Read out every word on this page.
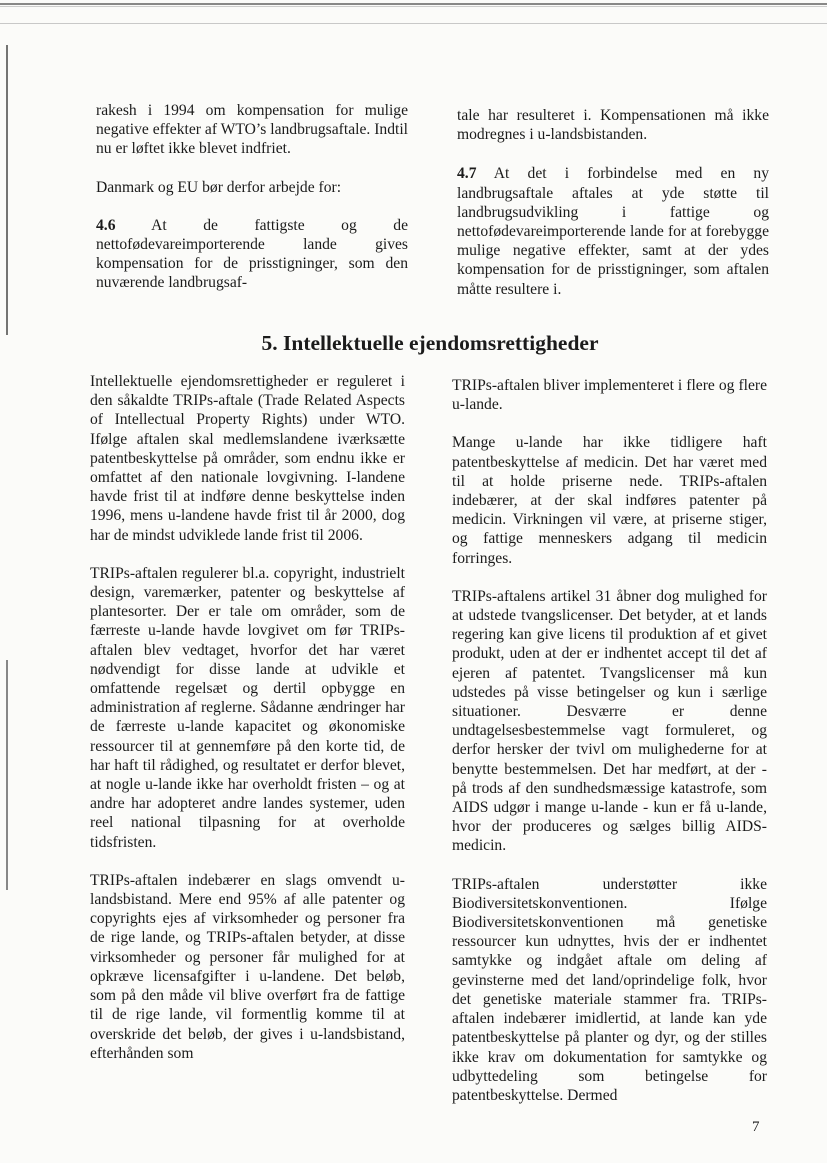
rakesh i 1994 om kompensation for mulige negative effekter af WTO’s landbrugsaftale. Indtil nu er løftet ikke blevet indfriet.

Danmark og EU bør derfor arbejde for:

4.6 At de fattigste og de nettofødevareimporterende lande gives kompensation for de prisstigninger, som den nuværende landbrugsaf-

tale har resulteret i. Kompensationen må ikke modregnes i u-landsbistanden.

4.7 At det i forbindelse med en ny landbrugsaftale aftales at yde støtte til landbrugsudvikling i fattige og nettofødevareimporterende lande for at forebygge mulige negative effekter, samt at der ydes kompensation for de prisstigninger, som aftalen måtte resultere i.

5. Intellektuelle ejendomsrettigheder

Intellektuelle ejendomsrettigheder er reguleret i den såkaldte TRIPs-aftale (Trade Related Aspects of Intellectual Property Rights) under WTO. Ifølge aftalen skal medlemslandene iværksætte patentbeskyttelse på områder, som endnu ikke er omfattet af den nationale lovgivning. I-landene havde frist til at indføre denne beskyttelse inden 1996, mens u-landene havde frist til år 2000, dog har de mindst udviklede lande frist til 2006.

TRIPs-aftalen regulerer bl.a. copyright, industrielt design, varemærker, patenter og beskyttelse af plantesorter. Der er tale om områder, som de færreste u-lande havde lovgivet om før TRIPs-aftalen blev vedtaget, hvorfor det har været nødvendigt for disse lande at udvikle et omfattende regelsæt og dertil opbygge en administration af reglerne. Sådanne ændringer har de færreste u-lande kapacitet og økonomiske ressourcer til at gennemføre på den korte tid, de har haft til rådighed, og resultatet er derfor blevet, at nogle u-lande ikke har overholdt fristen – og at andre har adopteret andre landes systemer, uden reel national tilpasning for at overholde tidsfristen.

TRIPs-aftalen indebærer en slags omvendt u-landsbistand. Mere end 95% af alle patenter og copyrights ejes af virksomheder og personer fra de rige lande, og TRIPs-aftalen betyder, at disse virksomheder og personer får mulighed for at opkræve licensafgifter i u-landene. Det beløb, som på den måde vil blive overført fra de fattige til de rige lande, vil formentlig komme til at overskride det beløb, der gives i u-landsbistand, efterhånden som

TRIPs-aftalen bliver implementeret i flere og flere u-lande.

Mange u-lande har ikke tidligere haft patentbeskyttelse af medicin. Det har været med til at holde priserne nede. TRIPs-aftalen indebærer, at der skal indføres patenter på medicin. Virkningen vil være, at priserne stiger, og fattige menneskers adgang til medicin forringes.

TRIPs-aftalens artikel 31 åbner dog mulighed for at udstede tvangslicenser. Det betyder, at et lands regering kan give licens til produktion af et givet produkt, uden at der er indhentet accept til det af ejeren af patentet. Tvangslicenser må kun udstedes på visse betingelser og kun i særlige situationer. Desværre er denne undtagelsesbestemmelse vagt formuleret, og derfor hersker der tvivl om mulighederne for at benytte bestemmelsen. Det har medført, at der - på trods af den sundhedsmæssige katastrofe, som AIDS udgør i mange u-lande - kun er få u-lande, hvor der produceres og sælges billig AIDS-medicin.

TRIPs-aftalen understøtter ikke Biodiversitetskonventionen. Ifølge Biodiversitetskonventionen må genetiske ressourcer kun udnyttes, hvis der er indhentet samtykke og indgået aftale om deling af gevinsterne med det land/oprindelige folk, hvor det genetiske materiale stammer fra. TRIPs-aftalen indebærer imidlertid, at lande kan yde patentbeskyttelse på planter og dyr, og der stilles ikke krav om dokumentation for samtykke og udbyttedeling som betingelse for patentbeskyttelse. Dermed

7
